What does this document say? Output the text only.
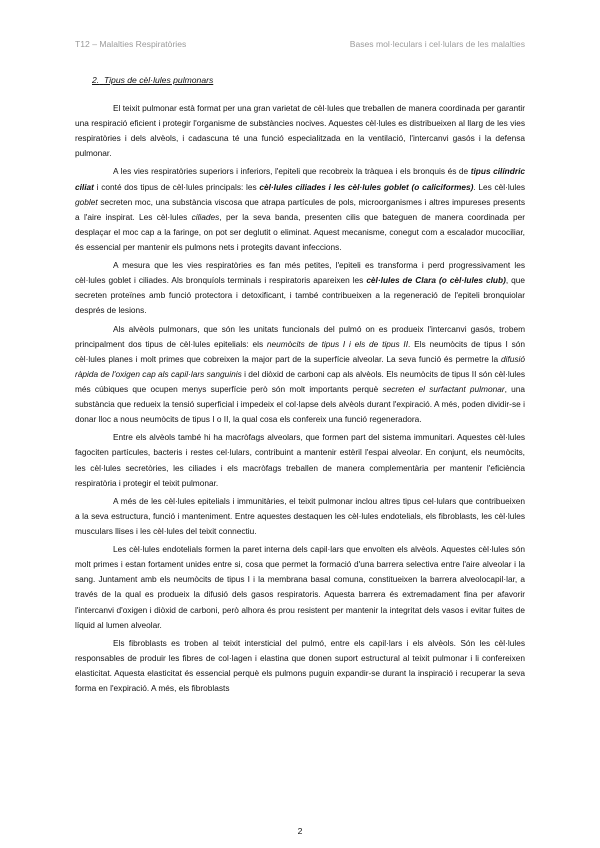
T12 – Malalties Respiratòries	Bases mol·leculars i cel·lulars de les malalties
2. Tipus de cèl·lules pulmonars

El teixit pulmonar està format per una gran varietat de cèl·lules que treballen de manera coordinada per garantir una respiració eficient i protegir l'organisme de substàncies nocives. Aquestes cèl·lules es distribueixen al llarg de les vies respiratòries i dels alvèols, i cadascuna té una funció especialitzada en la ventilació, l'intercanvi gasós i la defensa pulmonar.

A les vies respiratòries superiors i inferiors, l'epiteli que recobreix la tràquea i els bronquis és de tipus cilíndric ciliat i conté dos tipus de cèl·lules principals: les cèl·lules ciliades i les cèl·lules goblet (o caliciformes). Les cèl·lules goblet secreten moc, una substància viscosa que atrapa partícules de pols, microorganismes i altres impureses presents a l'aire inspirat. Les cèl·lules ciliades, per la seva banda, presenten cilis que bateguen de manera coordinada per desplaçar el moc cap a la faringe, on pot ser deglutit o eliminat. Aquest mecanisme, conegut com a escalador mucociliar, és essencial per mantenir els pulmons nets i protegits davant infeccions.

A mesura que les vies respiratòries es fan més petites, l'epiteli es transforma i perd progressivament les cèl·lules goblet i ciliades. Als bronquíols terminals i respiratoris apareixen les cèl·lules de Clara (o cèl·lules club), que secreten proteïnes amb funció protectora i detoxificant, i també contribueixen a la regeneració de l'epiteli bronquiolar després de lesions.

Als alvèols pulmonars, que són les unitats funcionals del pulmó on es produeix l'intercanvi gasós, trobem principalment dos tipus de cèl·lules epitelials: els neumòcits de tipus I i els de tipus II. Els neumòcits de tipus I són cèl·lules planes i molt primes que cobreixen la major part de la superfície alveolar. La seva funció és permetre la difusió ràpida de l'oxigen cap als capil·lars sanguinis i del diòxid de carboni cap als alvèols. Els neumòcits de tipus II són cèl·lules més cúbiques que ocupen menys superfície però són molt importants perquè secreten el surfactant pulmonar, una substància que redueix la tensió superficial i impedeix el col·lapse dels alvèols durant l'expiració. A més, poden dividir-se i donar lloc a nous neumòcits de tipus I o II, la qual cosa els confereix una funció regeneradora.

Entre els alvèols també hi ha macròfags alveolars, que formen part del sistema immunitari. Aquestes cèl·lules fagociten partícules, bacteris i restes cel·lulars, contribuint a mantenir estèril l'espai alveolar. En conjunt, els neumòcits, les cèl·lules secretòries, les ciliades i els macròfags treballen de manera complementària per mantenir l'eficiència respiratòria i protegir el teixit pulmonar.

A més de les cèl·lules epitelials i immunitàries, el teixit pulmonar inclou altres tipus cel·lulars que contribueixen a la seva estructura, funció i manteniment. Entre aquestes destaquen les cèl·lules endotelials, els fibroblasts, les cèl·lules musculars llises i les cèl·lules del teixit connectiu.

Les cèl·lules endotelials formen la paret interna dels capil·lars que envolten els alvèols. Aquestes cèl·lules són molt primes i estan fortament unides entre si, cosa que permet la formació d'una barrera selectiva entre l'aire alveolar i la sang. Juntament amb els neumòcits de tipus I i la membrana basal comuna, constitueixen la barrera alveolocapil·lar, a través de la qual es produeix la difusió dels gasos respiratoris. Aquesta barrera és extremadament fina per afavorir l'intercanvi d'oxigen i diòxid de carboni, però alhora és prou resistent per mantenir la integritat dels vasos i evitar fuites de líquid al lumen alveolar.

Els fibroblasts es troben al teixit intersticial del pulmó, entre els capil·lars i els alvèols. Són les cèl·lules responsables de produir les fibres de col·lagen i elastina que donen suport estructural al teixit pulmonar i li confereixen elasticitat. Aquesta elasticitat és essencial perquè els pulmons puguin expandir-se durant la inspiració i recuperar la seva forma en l'expiració. A més, els fibroblasts

2
